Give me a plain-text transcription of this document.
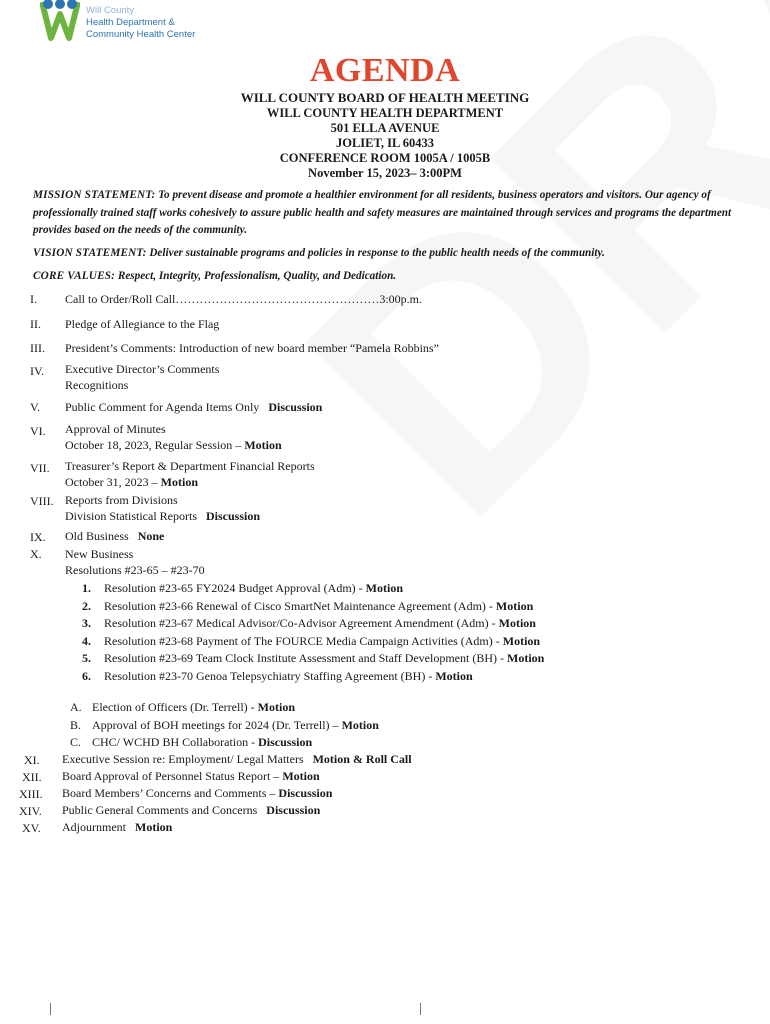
Will County
Health Department &
Community Health Center
AGENDA
WILL COUNTY BOARD OF HEALTH MEETING
WILL COUNTY HEALTH DEPARTMENT
501 ELLA AVENUE
JOLIET, IL 60433
CONFERENCE ROOM 1005A / 1005B
November 15, 2023– 3:00PM
MISSION STATEMENT: To prevent disease and promote a healthier environment for all residents, business operators and visitors. Our agency of professionally trained staff works cohesively to assure public health and safety measures are maintained through services and programs the department provides based on the needs of the community.
VISION STATEMENT: Deliver sustainable programs and policies in response to the public health needs of the community.
CORE VALUES: Respect, Integrity, Professionalism, Quality, and Dedication.
I. Call to Order/Roll Call……………………………………………3:00p.m.
II. Pledge of Allegiance to the Flag
III. President’s Comments: Introduction of new board member “Pamela Robbins”
IV. Executive Director’s Comments
Recognitions
V. Public Comment for Agenda Items Only Discussion
VI. Approval of Minutes
October 18, 2023, Regular Session – Motion
VII. Treasurer’s Report & Department Financial Reports
October 31, 2023 – Motion
VIII. Reports from Divisions
Division Statistical Reports Discussion
IX. Old Business None
X. New Business
Resolutions #23-65 – #23-70
1. Resolution #23-65 FY2024 Budget Approval (Adm) - Motion
2. Resolution #23-66 Renewal of Cisco SmartNet Maintenance Agreement (Adm) - Motion
3. Resolution #23-67 Medical Advisor/Co-Advisor Agreement Amendment (Adm) - Motion
4. Resolution #23-68 Payment of The FOURCE Media Campaign Activities (Adm) - Motion
5. Resolution #23-69 Team Clock Institute Assessment and Staff Development (BH) - Motion
6. Resolution #23-70 Genoa Telepsychiatry Staffing Agreement (BH) - Motion
A. Election of Officers (Dr. Terrell) - Motion
B. Approval of BOH meetings for 2024 (Dr. Terrell) – Motion
C. CHC/ WCHD BH Collaboration - Discussion
XI. Executive Session re: Employment/ Legal Matters Motion & Roll Call
XII. Board Approval of Personnel Status Report – Motion
XIII. Board Members’ Concerns and Comments – Discussion
XIV. Public General Comments and Concerns Discussion
XV. Adjournment Motion
